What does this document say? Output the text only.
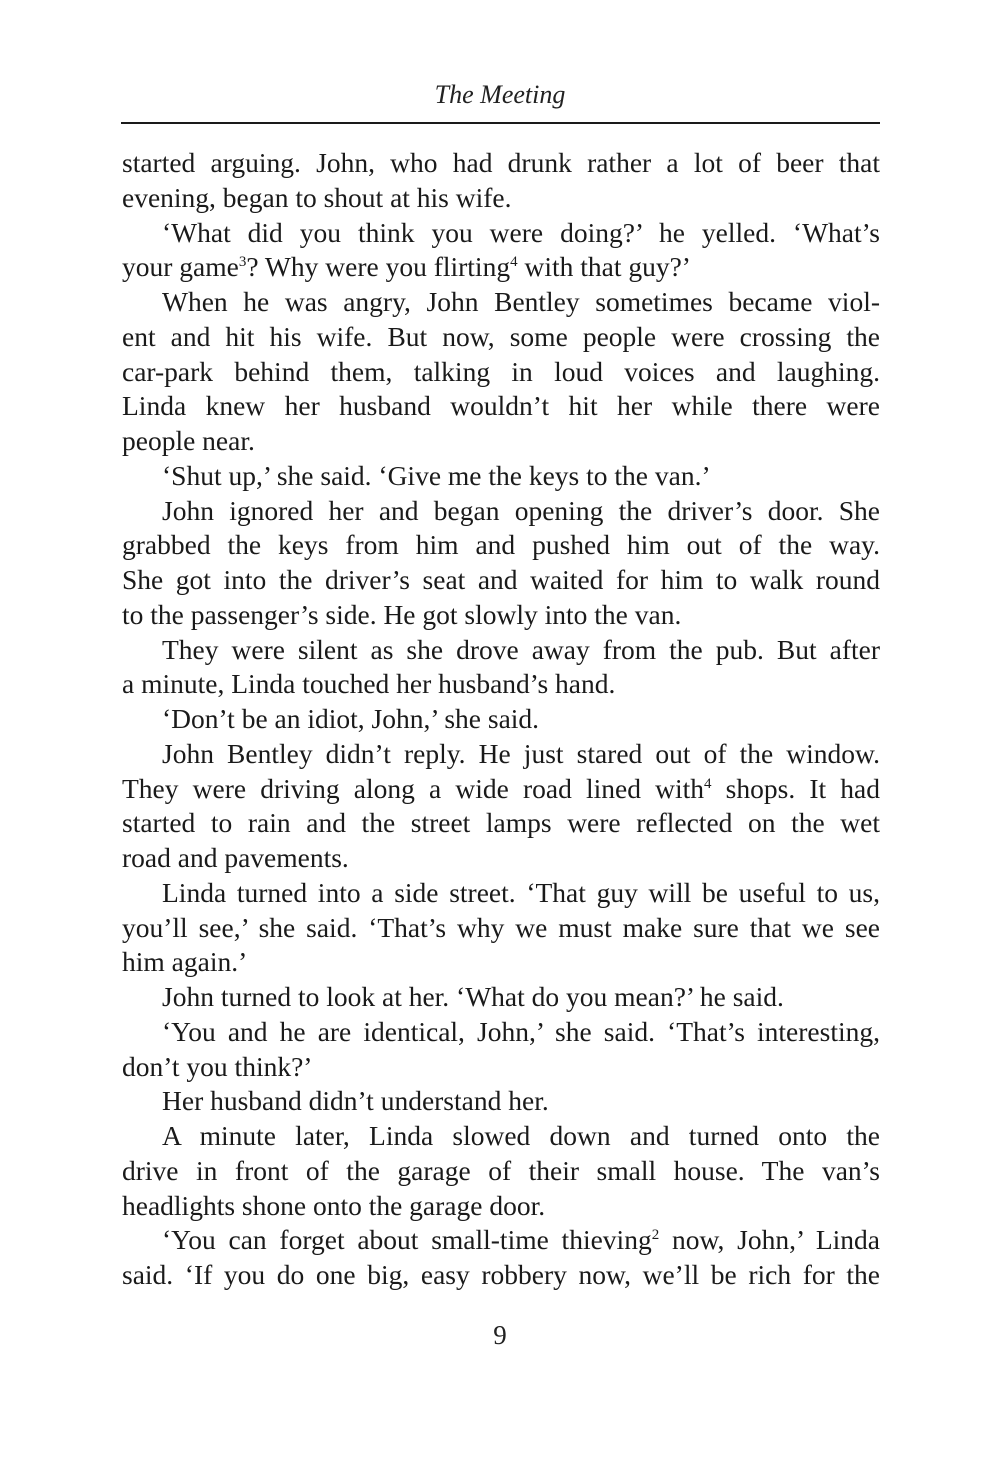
The Meeting
started arguing. John, who had drunk rather a lot of beer that
evening, began to shout at his wife.
‘What did you think you were doing?’ he yelled. ‘What’s
your game$^3$? Why were you flirting$^4$ with that guy?’
When he was angry, John Bentley sometimes became viol-
ent and hit his wife. But now, some people were crossing the
car-park behind them, talking in loud voices and laughing.
Linda knew her husband wouldn’t hit her while there were
people near.
‘Shut up,’ she said. ‘Give me the keys to the van.’
John ignored her and began opening the driver’s door. She
grabbed the keys from him and pushed him out of the way.
She got into the driver’s seat and waited for him to walk round
to the passenger’s side. He got slowly into the van.
They were silent as she drove away from the pub. But after
a minute, Linda touched her husband’s hand.
‘Don’t be an idiot, John,’ she said.
John Bentley didn’t reply. He just stared out of the window.
They were driving along a wide road lined with$^4$ shops. It had
started to rain and the street lamps were reflected on the wet
road and pavements.
Linda turned into a side street. ‘That guy will be useful to us,
you’ll see,’ she said. ‘That’s why we must make sure that we see
him again.’
John turned to look at her. ‘What do you mean?’ he said.
‘You and he are identical, John,’ she said. ‘That’s interesting,
don’t you think?’
Her husband didn’t understand her.
A minute later, Linda slowed down and turned onto the
drive in front of the garage of their small house. The van’s
headlights shone onto the garage door.
‘You can forget about small-time thieving$^2$ now, John,’ Linda
said. ‘If you do one big, easy robbery now, we’ll be rich for the
9
